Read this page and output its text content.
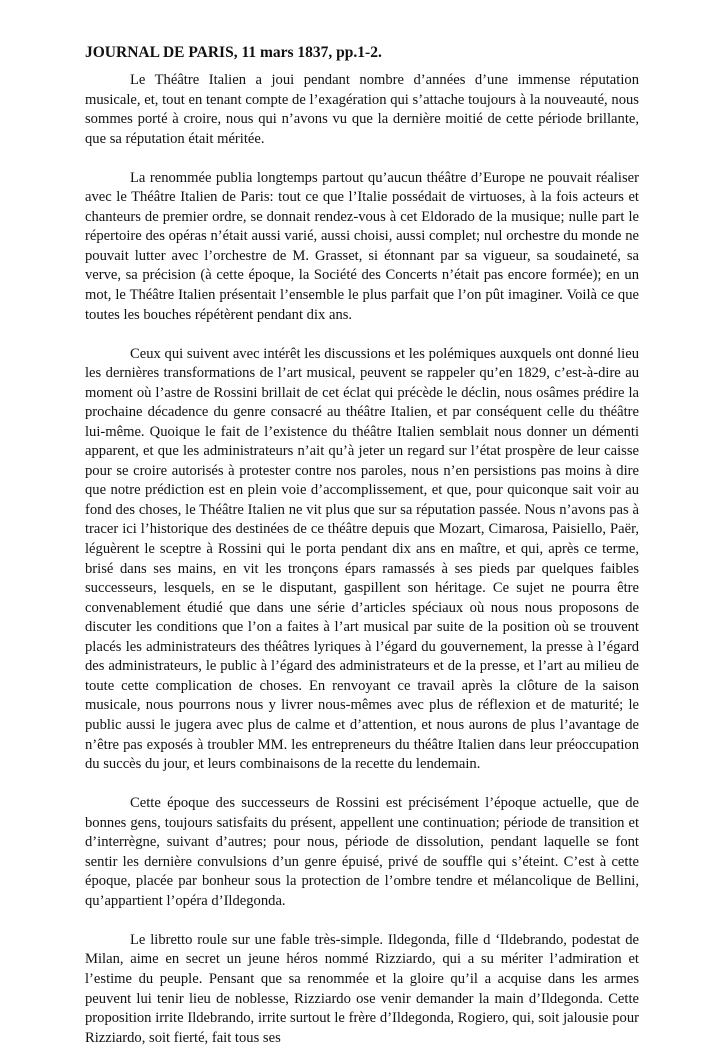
JOURNAL DE PARIS, 11 mars 1837, pp.1-2.

Le Théâtre Italien a joui pendant nombre d’années d’une immense réputation musicale, et, tout en tenant compte de l’exagération qui s’attache toujours à la nouveauté, nous sommes porté à croire, nous qui n’avons vu que la dernière moitié de cette période brillante, que sa réputation était méritée.

La renommée publia longtemps partout qu’aucun théâtre d’Europe ne pouvait réaliser avec le Théâtre Italien de Paris: tout ce que l’Italie possédait de virtuoses, à la fois acteurs et chanteurs de premier ordre, se donnait rendez-vous à cet Eldorado de la musique; nulle part le répertoire des opéras n’était aussi varié, aussi choisi, aussi complet; nul orchestre du monde ne pouvait lutter avec l’orchestre de M. Grasset, si étonnant par sa vigueur, sa soudaineté, sa verve, sa précision (à cette époque, la Société des Concerts n’était pas encore formée); en un mot, le Théâtre Italien présentait l’ensemble le plus parfait que l’on pût imaginer. Voilà ce que toutes les bouches répétèrent pendant dix ans.

Ceux qui suivent avec intérêt les discussions et les polémiques auxquels ont donné lieu les dernières transformations de l’art musical, peuvent se rappeler qu’en 1829, c’est-à-dire au moment où l’astre de Rossini brillait de cet éclat qui précède le déclin, nous osâmes prédire la prochaine décadence du genre consacré au théâtre Italien, et par conséquent celle du théâtre lui-même. Quoique le fait de l’existence du théâtre Italien semblait nous donner un démenti apparent, et que les administrateurs n’ait qu’à jeter un regard sur l’état prospère de leur caisse pour se croire autorisés à protester contre nos paroles, nous n’en persistions pas moins à dire que notre prédiction est en plein voie d’accomplissement, et que, pour quiconque sait voir au fond des choses, le Théâtre Italien ne vit plus que sur sa réputation passée. Nous n’avons pas à tracer ici l’historique des destinées de ce théâtre depuis que Mozart, Cimarosa, Paisiello, Paër, léguèrent le sceptre à Rossini qui le porta pendant dix ans en maître, et qui, après ce terme, brisé dans ses mains, en vit les tronçons épars ramassés à ses pieds par quelques faibles successeurs, lesquels, en se le disputant, gaspillent son héritage. Ce sujet ne pourra être convenablement étudié que dans une série d’articles spéciaux où nous nous proposons de discuter les conditions que l’on a faites à l’art musical par suite de la position où se trouvent placés les administrateurs des théâtres lyriques à l’égard du gouvernement, la presse à l’égard des administrateurs, le public à l’égard des administrateurs et de la presse, et l’art au milieu de toute cette complication de choses. En renvoyant ce travail après la clôture de la saison musicale, nous pourrons nous y livrer nous-mêmes avec plus de réflexion et de maturité; le public aussi le jugera avec plus de calme et d’attention, et nous aurons de plus l’avantage de n’être pas exposés à troubler MM. les entrepreneurs du théâtre Italien dans leur préoccupation du succès du jour, et leurs combinaisons de la recette du lendemain.

Cette époque des successeurs de Rossini est précisément l’époque actuelle, que de bonnes gens, toujours satisfaits du présent, appellent une continuation; période de transition et d’interrègne, suivant d’autres; pour nous, période de dissolution, pendant laquelle se font sentir les dernière convulsions d’un genre épuisé, privé de souffle qui s’éteint. C’est à cette époque, placée par bonheur sous la protection de l’ombre tendre et mélancolique de Bellini, qu’appartient l’opéra d’Ildegonda.

Le libretto roule sur une fable très-simple. Ildegonda, fille d ‘Ildebrando, podestat de Milan, aime en secret un jeune héros nommé Rizziardo, qui a su mériter l’admiration et l’estime du peuple. Pensant que sa renommée et la gloire qu’il a acquise dans les armes peuvent lui tenir lieu de noblesse, Rizziardo ose venir demander la main d’Ildegonda. Cette proposition irrite Ildebrando, irrite surtout le frère d’Ildegonda, Rogiero, qui, soit jalousie pour Rizziardo, soit fierté, fait tous ses
